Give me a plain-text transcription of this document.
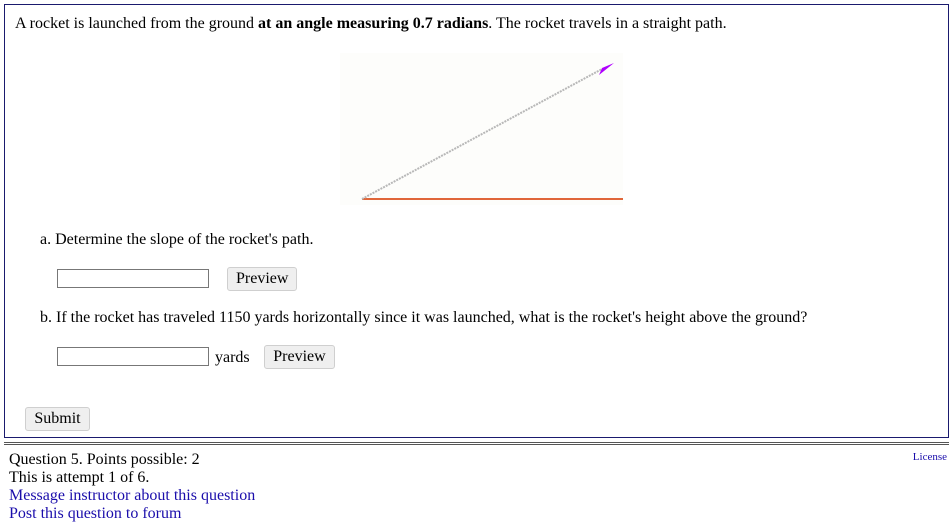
A rocket is launched from the ground at an angle measuring 0.7 radians. The rocket travels in a straight path.
a. Determine the slope of the rocket's path.
Preview
b. If the rocket has traveled 1150 yards horizontally since it was launched, what is the rocket's height above the ground?
yards	Preview
Submit
Question 5. Points possible: 2
This is attempt 1 of 6.
Message instructor about this question
Post this question to forum
License
